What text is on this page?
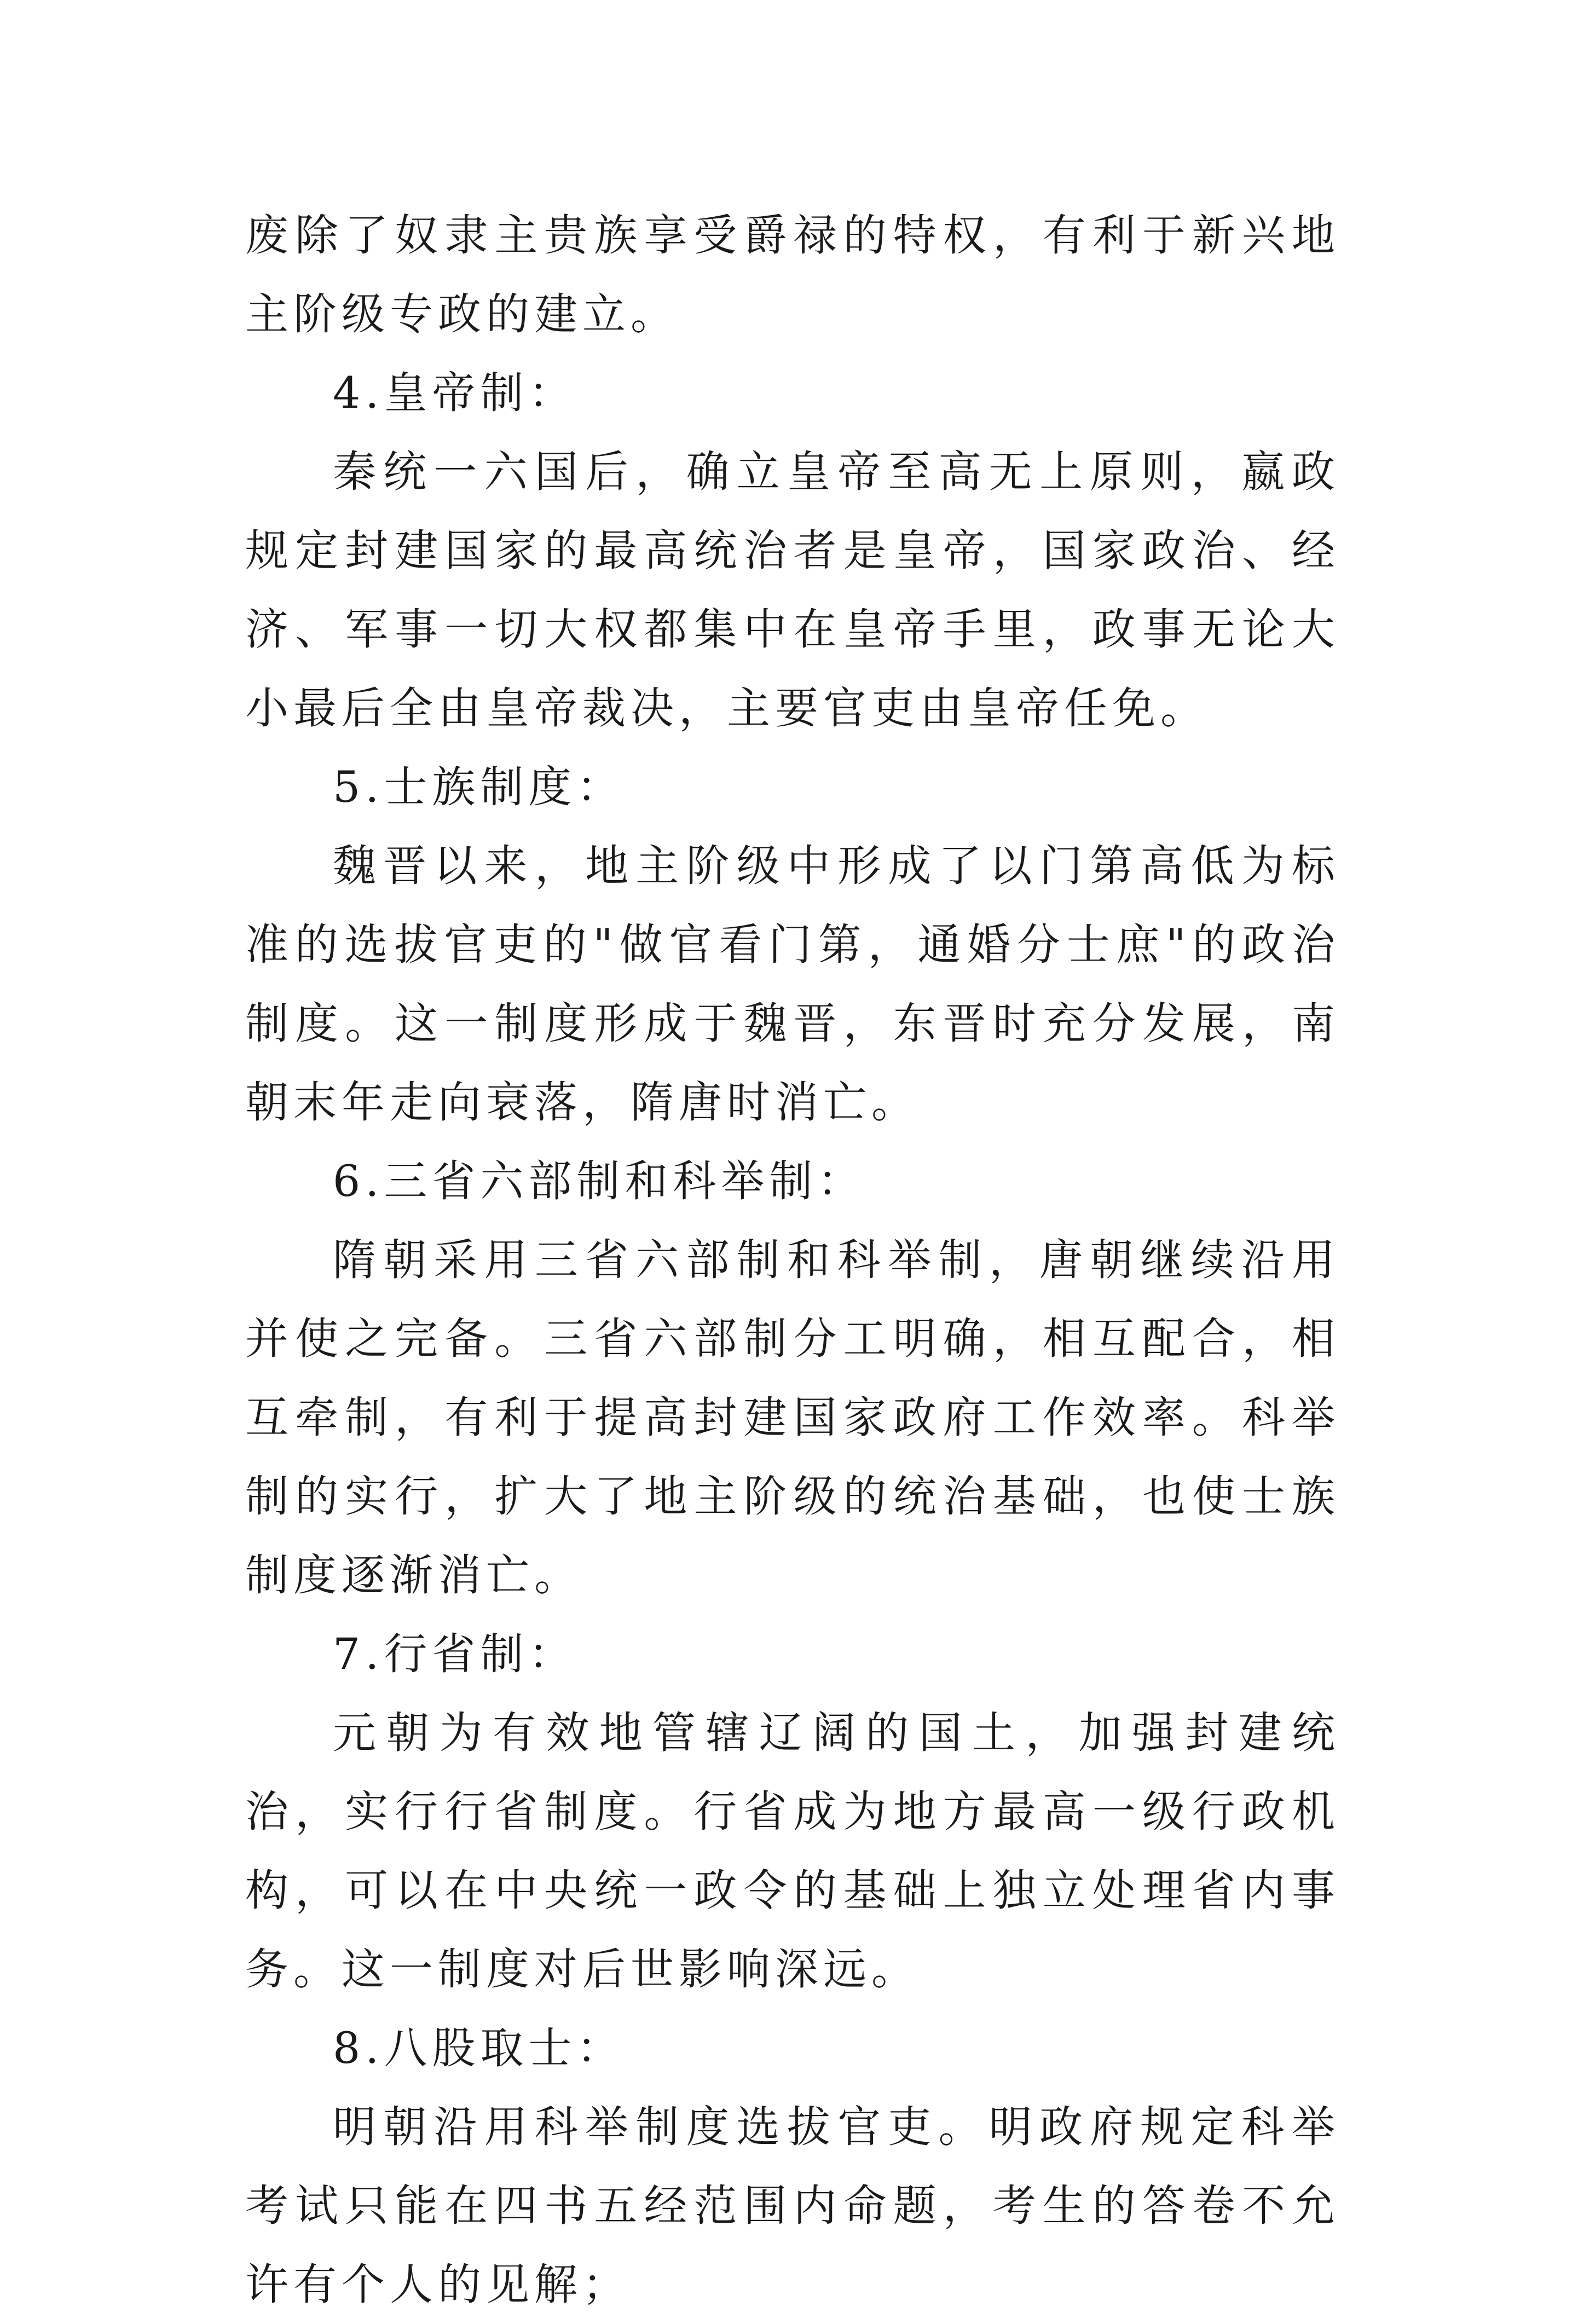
废除了奴隶主贵族享受爵禄的特权，有利于新兴地主阶级专政的建立。

4.皇帝制：

秦统一六国后，确立皇帝至高无上原则，嬴政规定封建国家的最高统治者是皇帝，国家政治、经济、军事一切大权都集中在皇帝手里，政事无论大小最后全由皇帝裁决，主要官吏由皇帝任免。

5.士族制度：

魏晋以来，地主阶级中形成了以门第高低为标准的选拔官吏的"做官看门第，通婚分士庶"的政治制度。这一制度形成于魏晋，东晋时充分发展，南朝末年走向衰落，隋唐时消亡。

6.三省六部制和科举制：

隋朝采用三省六部制和科举制，唐朝继续沿用并使之完备。三省六部制分工明确，相互配合，相互牵制，有利于提高封建国家政府工作效率。科举制的实行，扩大了地主阶级的统治基础，也使士族制度逐渐消亡。

7.行省制：

元朝为有效地管辖辽阔的国土，加强封建统治，实行行省制度。行省成为地方最高一级行政机构，可以在中央统一政令的基础上独立处理省内事务。这一制度对后世影响深远。

8.八股取士：

明朝沿用科举制度选拔官吏。明政府规定科举考试只能在四书五经范围内命题，考生的答卷不允许有个人的见解；
